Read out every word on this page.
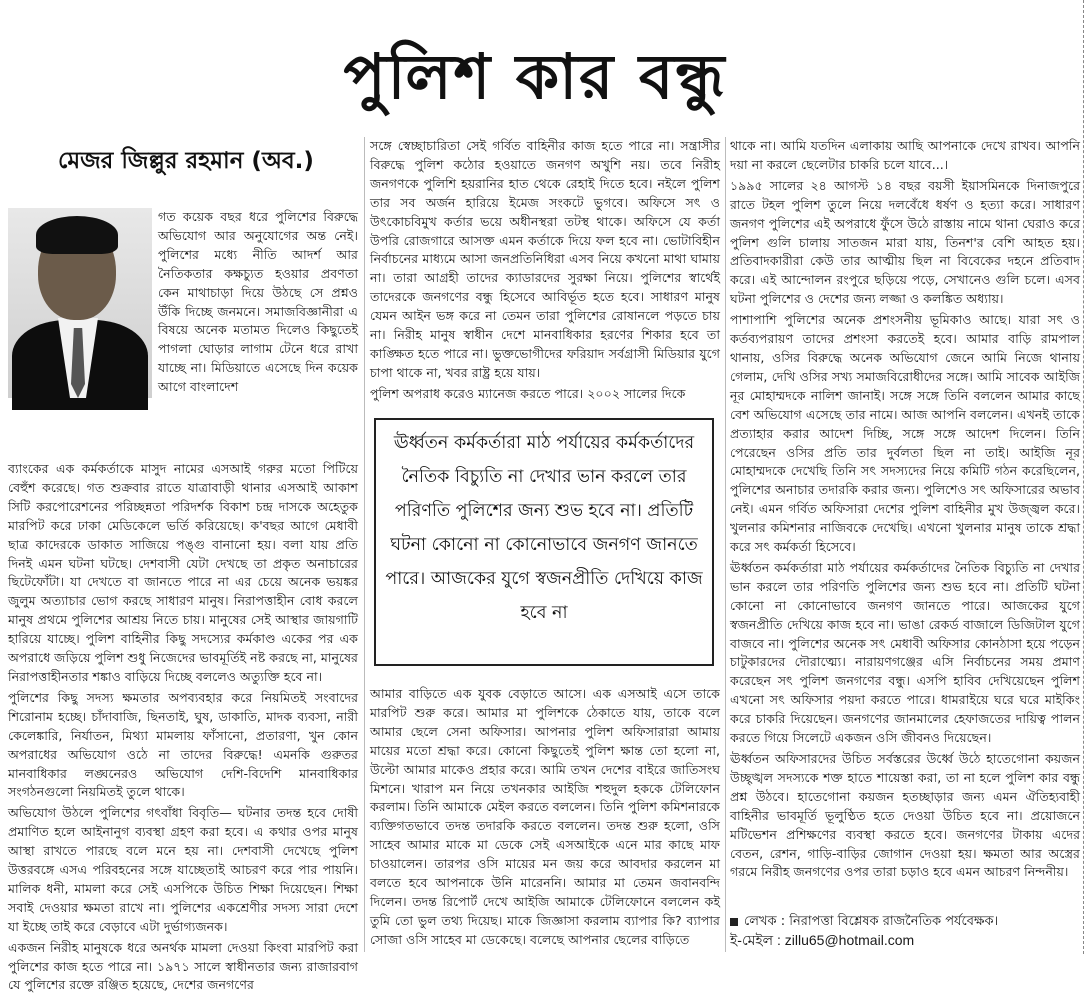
পুলিশ কার বন্ধু
মেজর জিল্লুর রহমান (অব.)

গত কয়েক বছর ধরে পুলিশের বিরুদ্ধে অভিযোগ আর অনুযোগের অন্ত নেই। পুলিশের মধ্যে নীতি আদর্শ আর নৈতিকতার কক্ষচ্যুত হওয়ার প্রবণতা কেন মাথাচাড়া দিয়ে উঠছে সে প্রশ্নও উঁকি দিচ্ছে জনমনে। সমাজবিজ্ঞানীরা এ বিষয়ে অনেক মতামত দিলেও কিছুতেই পাগলা ঘোড়ার লাগাম টেনে ধরে রাখা যাচ্ছে না। মিডিয়াতে এসেছে দিন কয়েক আগে বাংলাদেশ

ব্যাংকের এক কর্মকর্তাকে মাসুদ নামের এসআই গরুর মতো পিটিয়ে বেহুঁশ করেছে। গত শুক্রবার রাতে যাত্রাবাড়ী থানার এসআই আকাশ সিটি করপোরেশনের পরিচ্ছন্নতা পরিদর্শক বিকাশ চন্দ্র দাসকে অহেতুক মারপিট করে ঢাকা মেডিকেলে ভর্তি করিয়েছে। ক'বছর আগে মেধাবী ছাত্র কাদেরকে ডাকাত সাজিয়ে পঙ্গু বানানো হয়। বলা যায় প্রতি দিনই এমন ঘটনা ঘটছে। দেশবাসী যেটা দেখছে তা প্রকৃত অনাচারের ছিটেফোঁটা। যা দেখতে বা জানতে পারে না এর চেয়ে অনেক ভয়ঙ্কর জুলুম অত্যাচার ভোগ করছে সাধারণ মানুষ। নিরাপত্তাহীন বোধ করলে মানুষ প্রথমে পুলিশের আশ্রয় নিতে চায়। মানুষের সেই আস্থার জায়গাটি হারিয়ে যাচ্ছে। পুলিশ বাহিনীর কিছু সদস্যের কর্মকাণ্ড একের পর এক অপরাধে জড়িয়ে পুলিশ শুধু নিজেদের ভাবমূর্তিই নষ্ট করছে না, মানুষের নিরাপত্তাহীনতার শঙ্কাও বাড়িয়ে দিচ্ছে বললেও অত্যুক্তি হবে না।

পুলিশের কিছু সদস্য ক্ষমতার অপব্যবহার করে নিয়মিতই সংবাদের শিরোনাম হচ্ছে। চাঁদাবাজি, ছিনতাই, ঘুষ, ডাকাতি, মাদক ব্যবসা, নারী কেলেঙ্কারি, নির্যাতন, মিথ্যা মামলায় ফাঁসানো, প্রতারণা, খুন কোন অপরাধের অভিযোগ ওঠে না তাদের বিরুদ্ধে! এমনকি গুরুতর মানবাধিকার লঙ্ঘনেরও অভিযোগ দেশি-বিদেশি মানবাধিকার সংগঠনগুলো নিয়মিতই তুলে থাকে।

অভিযোগ উঠলে পুলিশের গৎবাঁধা বিবৃতি— ঘটনার তদন্ত হবে দোষী প্রমাণিত হলে আইনানুগ ব্যবস্থা গ্রহণ করা হবে। এ কথার ওপর মানুষ আস্থা রাখতে পারছে বলে মনে হয় না। দেশবাসী দেখেছে পুলিশ উত্তরবঙ্গে এসএ পরিবহনের সঙ্গে যাচ্ছেতাই আচরণ করে পার পায়নি। মালিক ধনী, মামলা করে সেই এসপিকে উচিত শিক্ষা দিয়েছেন। শিক্ষা সবাই দেওয়ার ক্ষমতা রাখে না। পুলিশের একশ্রেণীর সদস্য সারা দেশে যা ইচ্ছে তাই করে বেড়াবে এটা দুর্ভাগ্যজনক।

একজন নিরীহ মানুষকে ধরে অনর্থক মামলা দেওয়া কিংবা মারপিট করা পুলিশের কাজ হতে পারে না। ১৯৭১ সালে স্বাধীনতার জন্য রাজারবাগ যে পুলিশের রক্তে রঞ্জিত হয়েছে, দেশের জনগণের

সঙ্গে স্বেচ্ছাচারিতা সেই গর্বিত বাহিনীর কাজ হতে পারে না। সন্ত্রাসীর বিরুদ্ধে পুলিশ কঠোর হওয়াতে জনগণ অখুশি নয়। তবে নিরীহ জনগণকে পুলিশি হয়রানির হাত থেকে রেহাই দিতে হবে। নইলে পুলিশ তার সব অর্জন হারিয়ে ইমেজ সংকটে ভুগবে। অফিসে সৎ ও উৎকোচবিমুখ কর্তার ভয়ে অধীনস্থরা তটস্থ থাকে। অফিসে যে কর্তা উপরি রোজগারে আসক্ত এমন কর্তাকে দিয়ে ফল হবে না। ভোটাবিহীন নির্বাচনের মাধ্যমে আসা জনপ্রতিনিধিরা এসব নিয়ে কখনো মাথা ঘামায় না। তারা আগ্রহী তাদের ক্যাডারদের সুরক্ষা নিয়ে। পুলিশের স্বার্থেই তাদেরকে জনগণের বন্ধু হিসেবে আবির্ভূত হতে হবে। সাধারণ মানুষ যেমন আইন ভঙ্গ করে না তেমন তারা পুলিশের রোষানলে পড়তে চায় না। নিরীহ মানুষ স্বাধীন দেশে মানবাধিকার হরণের শিকার হবে তা কাঙ্ক্ষিত হতে পারে না। ভুক্তভোগীদের ফরিয়াদ সর্বগ্রাসী মিডিয়ার যুগে চাপা থাকে না, খবর রাষ্ট্র হয়ে যায়।

পুলিশ অপরাধ করেও ম্যানেজ করতে পারে। ২০০২ সালের দিকে

ঊর্ধ্বতন কর্মকর্তারা মাঠ পর্যায়ের কর্মকর্তাদের নৈতিক বিচ্যুতি না দেখার ভান করলে তার পরিণতি পুলিশের জন্য শুভ হবে না। প্রতিটি ঘটনা কোনো না কোনোভাবে জনগণ জানতে পারে। আজকের যুগে স্বজনপ্রীতি দেখিয়ে কাজ হবে না

আমার বাড়িতে এক যুবক বেড়াতে আসে। এক এসআই এসে তাকে মারপিট শুরু করে। আমার মা পুলিশকে ঠেকাতে যায়, তাকে বলে আমার ছেলে সেনা অফিসার। আপনার পুলিশ অফিসারারা আমায় মায়ের মতো শ্রদ্ধা করে। কোনো কিছুতেই পুলিশ ক্ষান্ত তো হলো না, উল্টো আমার মাকেও প্রহার করে। আমি তখন দেশের বাইরে জাতিসংঘ মিশনে। খারাপ মন নিয়ে তখনকার আইজি শহুদুল হককে টেলিফোন করলাম। তিনি আমাকে মেইল করতে বললেন। তিনি পুলিশ কমিশনারকে ব্যক্তিগতভাবে তদন্ত তদারকি করতে বললেন। তদন্ত শুরু হলো, ওসি সাহেব আমার মাকে মা ডেকে সেই এসআইকে এনে মার কাছে মাফ চাওয়ালেন। তারপর ওসি মায়ের মন জয় করে আবদার করলেন মা বলতে হবে আপনাকে উনি মারেননি। আমার মা তেমন জবানবন্দি দিলেন। তদন্ত রিপোর্ট দেখে আইজি আমাকে টেলিফোনে বললেন কই তুমি তো ভুল তথ্য দিয়েছ। মাকে জিজ্ঞাসা করলাম ব্যাপার কি? ব্যাপার সোজা ওসি সাহেব মা ডেকেছে। বলেছে আপনার ছেলের বাড়িতে

থাকে না। আমি যতদিন এলাকায় আছি আপনাকে দেখে রাখব। আপনি দয়া না করলে ছেলেটার চাকরি চলে যাবে...।

১৯৯৫ সালের ২৪ আগস্ট ১৪ বছর বয়সী ইয়াসমিনকে দিনাজপুরে রাতে টহল পুলিশ তুলে নিয়ে দলবেঁধে ধর্ষণ ও হত্যা করে। সাধারণ জনগণ পুলিশের এই অপরাধে ফুঁসে উঠে রাস্তায় নামে থানা ঘেরাও করে পুলিশ গুলি চালায় সাতজন মারা যায়, তিনশ'র বেশি আহত হয়। প্রতিবাদকারীরা কেউ তার আত্মীয় ছিল না বিবেকের দহনে প্রতিবাদ করে। এই আন্দোলন রংপুরে ছড়িয়ে পড়ে, সেখানেও গুলি চলে। এসব ঘটনা পুলিশের ও দেশের জন্য লজ্জা ও কলঙ্কিত অধ্যায়।

পাশাপাশি পুলিশের অনেক প্রশংসনীয় ভূমিকাও আছে। যারা সৎ ও কর্তব্যপরায়ণ তাদের প্রশংসা করতেই হবে। আমার বাড়ি রামপাল থানায়, ওসির বিরুদ্ধে অনেক অভিযোগ জেনে আমি নিজে থানায় গেলাম, দেখি ওসির সখ্য সমাজবিরোধীদের সঙ্গে। আমি সাবেক আইজি নূর মোহাম্মদকে নালিশ জানাই। সঙ্গে সঙ্গে তিনি বললেন আমার কাছে বেশ অভিযোগ এসেছে তার নামে। আজ আপনি বললেন। এখনই তাকে প্রত্যাহার করার আদেশ দিচ্ছি, সঙ্গে সঙ্গে আদেশ দিলেন। তিনি পেরেছেন ওসির প্রতি তার দুর্বলতা ছিল না তাই। আইজি নূর মোহাম্মদকে দেখেছি তিনি সৎ সদস্যদের নিয়ে কমিটি গঠন করেছিলেন, পুলিশের অনাচার তদারকি করার জন্য। পুলিশেও সৎ অফিসারের অভাব নেই। এমন গর্বিত অফিসারা দেশের পুলিশ বাহিনীর মুখ উজ্জ্বল করে। খুলনার কমিশনার নাজিবকে দেখেছি। এখনো খুলনার মানুষ তাকে শ্রদ্ধা করে সৎ কর্মকর্তা হিসেবে।

ঊর্ধ্বতন কর্মকর্তারা মাঠ পর্যায়ের কর্মকর্তাদের নৈতিক বিচ্যুতি না দেখার ভান করলে তার পরিণতি পুলিশের জন্য শুভ হবে না। প্রতিটি ঘটনা কোনো না কোনোভাবে জনগণ জানতে পারে। আজকের যুগে স্বজনপ্রীতি দেখিয়ে কাজ হবে না। ভাঙা রেকর্ড বাজালে ডিজিটাল যুগে বাজবে না। পুলিশের অনেক সৎ মেধাবী অফিসার কোনঠাসা হয়ে পড়েন চাটুকারদের দৌরাত্ম্যে। নারায়ণগঞ্জের এসি নির্বাচনের সময় প্রমাণ করেছেন সৎ পুলিশ জনগণের বন্ধু। এসপি হাবিব দেখিয়েছেন পুলিশ এখনো সৎ অফিসার পয়দা করতে পারে। ধামরাইয়ে ঘরে ঘরে মাইকিং করে চাকরি দিয়েছেন। জনগণের জানমালের হেফাজতের দায়িত্ব পালন করতে গিয়ে সিলেটে একজন ওসি জীবনও দিয়েছেন।

ঊর্ধ্বতন অফিসারদের উচিত সর্বস্তরের উর্ধ্বে উঠে হাতেগোনা কয়জন উচ্ছৃঙ্খল সদস্যকে শক্ত হাতে শায়েস্তা করা, তা না হলে পুলিশ কার বন্ধু প্রশ্ন উঠবে। হাতেগোনা কয়জন হতচ্ছাড়ার জন্য এমন ঐতিহ্যবাহী বাহিনীর ভাবমূর্তি ভূলুণ্ঠিত হতে দেওয়া উচিত হবে না। প্রয়োজনে মটিভেশন প্রশিক্ষণের ব্যবস্থা করতে হবে। জনগণের টাকায় এদের বেতন, রেশন, গাড়ি-বাড়ির জোগান দেওয়া হয়। ক্ষমতা আর অস্ত্রের গরমে নিরীহ জনগণের ওপর তারা চড়াও হবে এমন আচরণ নিন্দনীয়।

লেখক : নিরাপত্তা বিশ্লেষক রাজনৈতিক পর্যবেক্ষক।
ই-মেইল : zillu65@hotmail.com
